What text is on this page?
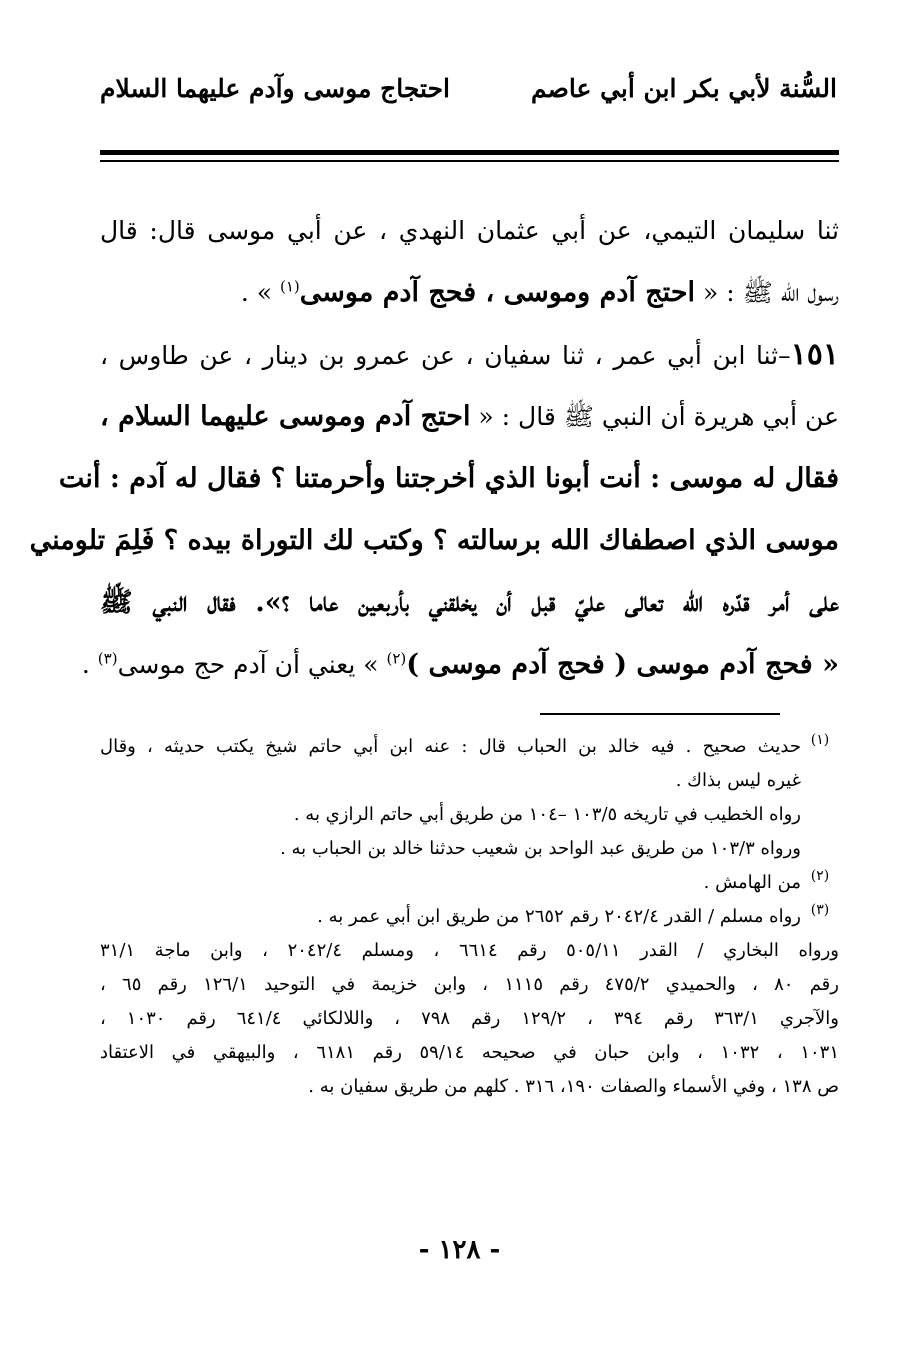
السُّنة لأبي بكر ابن أبي عاصم
احتجاج موسى وآدم عليهما السلام
ثنا سليمان التيمي، عن أبي عثمان النهدي ، عن أبي موسى قال: قال
رسول الله ﷺ : « احتج آدم وموسى ، فحج آدم موسى$^{(١)}$ » .
١٥١–ثنا ابن أبي عمر ، ثنا سفيان ، عن عمرو بن دينار ، عن طاوس ،
عن أبي هريرة أن النبي ﷺ قال : « احتج آدم وموسى عليهما السلام ،
فقال له موسى : أنت أبونا الذي أخرجتنا وأحرمتنا ؟ فقال له آدم : أنت
موسى الذي اصطفاك الله برسالته ؟ وكتب لك التوراة بيده ؟ فَلِمَ تلومني
على أمر قدّره الله تعالى عليّ قبل أن يخلقني بأربعين عاما ؟». فقال النبي ﷺ
« فحج آدم موسى ( فحج آدم موسى )$^{(٢)}$ » يعني أن آدم حج موسى$^{(٣)}$ .
(١)
حديث صحيح . فيه خالد بن الحباب قال : عنه ابن أبي حاتم شيخ يكتب حديثه ، وقال
غيره ليس بذاك .
رواه الخطيب في تاريخه ١٠٣/٥ –١٠٤ من طريق أبي حاتم الرازي به .
ورواه ١٠٣/٣ من طريق عبد الواحد بن شعيب حدثنا خالد بن الحباب به .
(٢)
من الهامش .
(٣)
رواه مسلم / القدر ٢٠٤٢/٤ رقم ٢٦٥٢ من طريق ابن أبي عمر به .
ورواه البخاري / القدر ٥٠٥/١١ رقم ٦٦١٤ ، ومسلم ٢٠٤٢/٤ ، وابن ماجة ٣١/١
رقم ٨٠ ، والحميدي ٤٧٥/٢ رقم ١١١٥ ، وابن خزيمة في التوحيد ١٢٦/١ رقم ٦٥ ،
والآجري ٣٦٣/١ رقم ٣٩٤ ، ١٢٩/٢ رقم ٧٩٨ ، واللالكائي ٦٤١/٤ رقم ١٠٣٠ ،
١٠٣١ ، ١٠٣٢ ، وابن حبان في صحيحه ٥٩/١٤ رقم ٦١٨١ ، والبيهقي في الاعتقاد
ص ١٣٨ ، وفي الأسماء والصفات ١٩٠، ٣١٦ . كلهم من طريق سفيان به .
- ١٢٨ -
